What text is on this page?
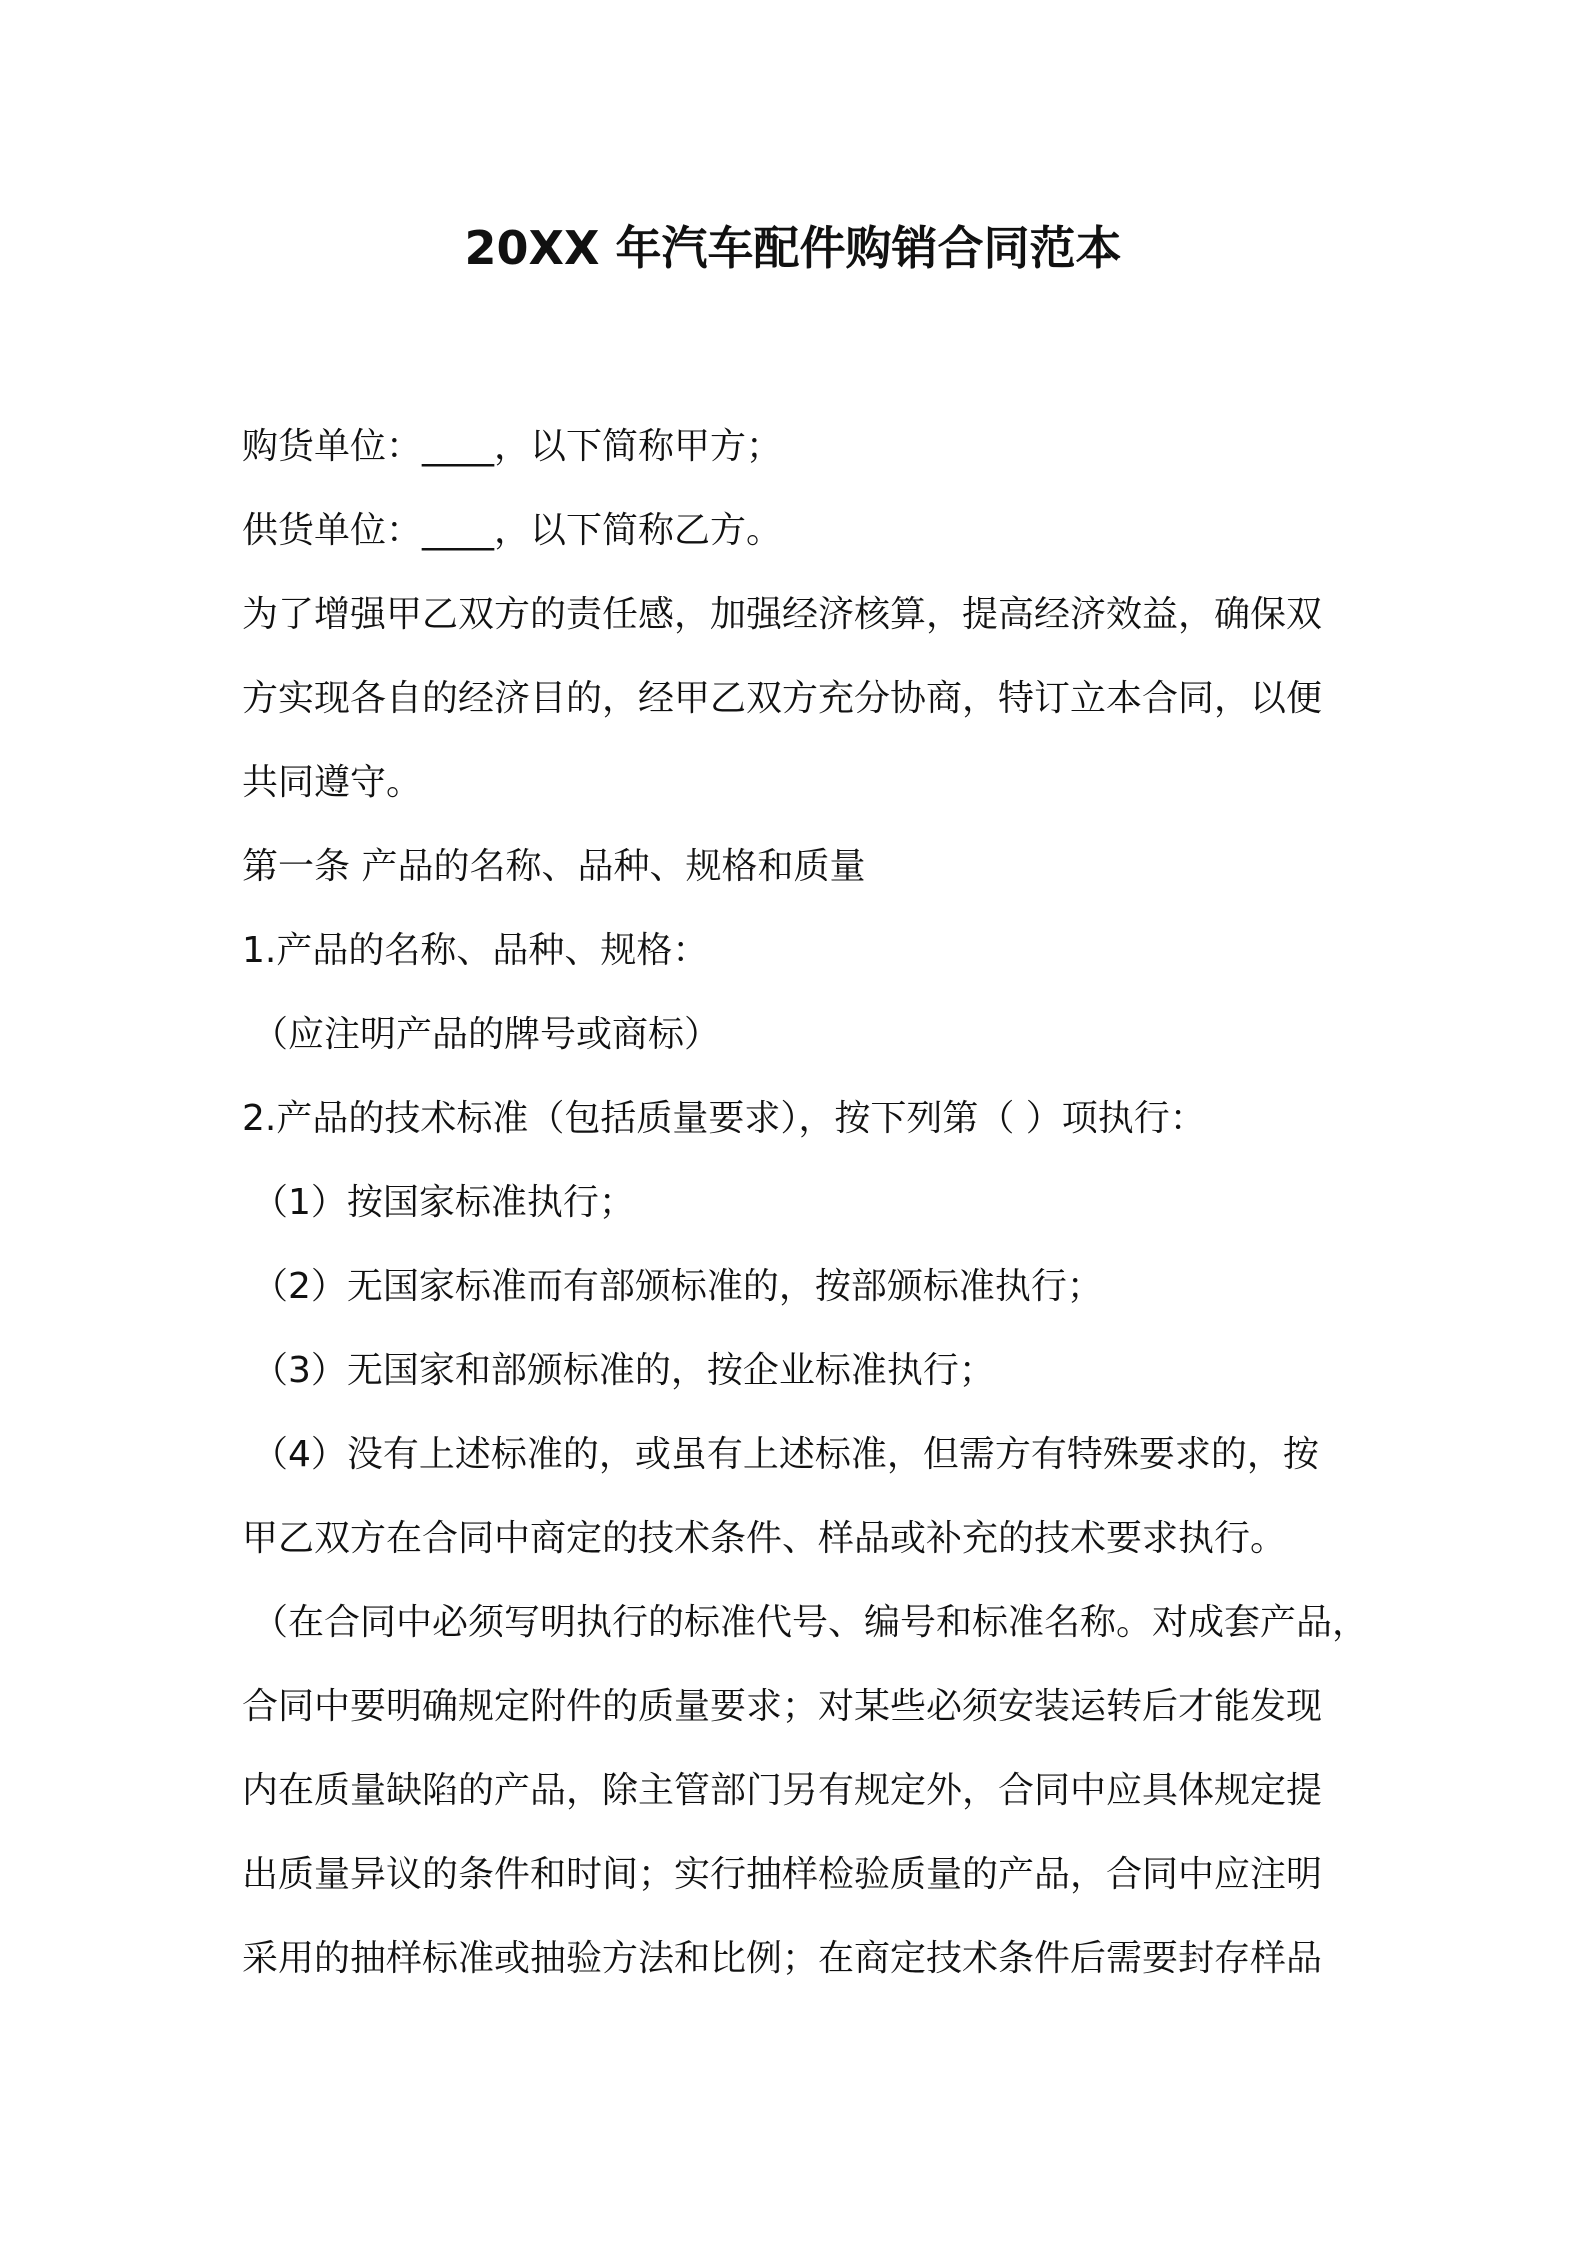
20XX 年汽车配件购销合同范本

购货单位：____，以下简称甲方；

供货单位：____，以下简称乙方。

为了增强甲乙双方的责任感，加强经济核算，提高经济效益，确保双

方实现各自的经济目的，经甲乙双方充分协商，特订立本合同，以便

共同遵守。

第一条 产品的名称、品种、规格和质量

1.产品的名称、品种、规格：

（应注明产品的牌号或商标）

2.产品的技术标准（包括质量要求），按下列第（ ）项执行：

（1）按国家标准执行；

（2）无国家标准而有部颁标准的，按部颁标准执行；

（3）无国家和部颁标准的，按企业标准执行；

（4）没有上述标准的，或虽有上述标准，但需方有特殊要求的，按

甲乙双方在合同中商定的技术条件、样品或补充的技术要求执行。

（在合同中必须写明执行的标准代号、编号和标准名称。对成套产品，

合同中要明确规定附件的质量要求；对某些必须安装运转后才能发现

内在质量缺陷的产品，除主管部门另有规定外，合同中应具体规定提

出质量异议的条件和时间；实行抽样检验质量的产品，合同中应注明

采用的抽样标准或抽验方法和比例；在商定技术条件后需要封存样品
